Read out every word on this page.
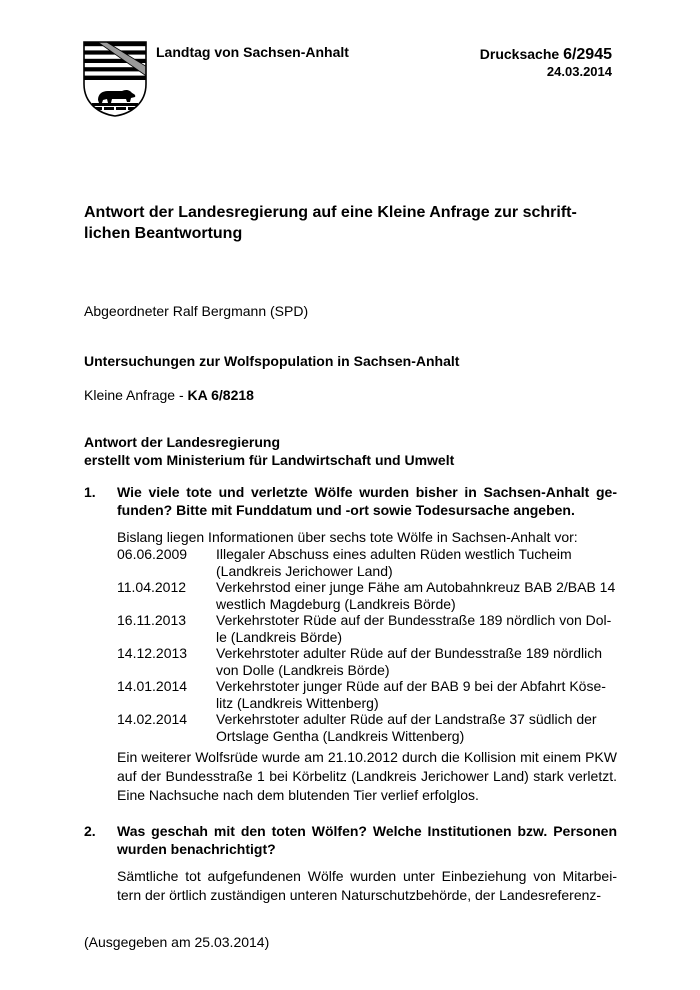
Landtag von Sachsen-Anhalt	Drucksache 6/2945
24.03.2014
Antwort der Landesregierung auf eine Kleine Anfrage zur schrift-
lichen Beantwortung
Abgeordneter Ralf Bergmann (SPD)
Untersuchungen zur Wolfspopulation in Sachsen-Anhalt
Kleine Anfrage - KA 6/8218
Antwort der Landesregierung
erstellt vom Ministerium für Landwirtschaft und Umwelt
1. Wie viele tote und verletzte Wölfe wurden bisher in Sachsen-Anhalt ge-funden? Bitte mit Funddatum und -ort sowie Todesursache angeben.
Bislang liegen Informationen über sechs tote Wölfe in Sachsen-Anhalt vor:
06.06.2009	Illegaler Abschuss eines adulten Rüden westlich Tucheim (Landkreis Jerichower Land)
11.04.2012	Verkehrstod einer junge Fähe am Autobahnkreuz BAB 2/BAB 14 westlich Magdeburg (Landkreis Börde)
16.11.2013	Verkehrstoter Rüde auf der Bundesstraße 189 nördlich von Dol-le (Landkreis Börde)
14.12.2013	Verkehrstoter adulter Rüde auf der Bundesstraße 189 nördlich von Dolle (Landkreis Börde)
14.01.2014	Verkehrstoter junger Rüde auf der BAB 9 bei der Abfahrt Köse-litz (Landkreis Wittenberg)
14.02.2014	Verkehrstoter adulter Rüde auf der Landstraße 37 südlich der Ortslage Gentha (Landkreis Wittenberg)
Ein weiterer Wolfsrüde wurde am 21.10.2012 durch die Kollision mit einem PKW auf der Bundesstraße 1 bei Körbelitz (Landkreis Jerichower Land) stark verletzt. Eine Nachsuche nach dem blutenden Tier verlief erfolglos.
2. Was geschah mit den toten Wölfen? Welche Institutionen bzw. Personen wurden benachrichtigt?
Sämtliche tot aufgefundenen Wölfe wurden unter Einbeziehung von Mitarbei-tern der örtlich zuständigen unteren Naturschutzbehörde, der Landesreferenz-
(Ausgegeben am 25.03.2014)
